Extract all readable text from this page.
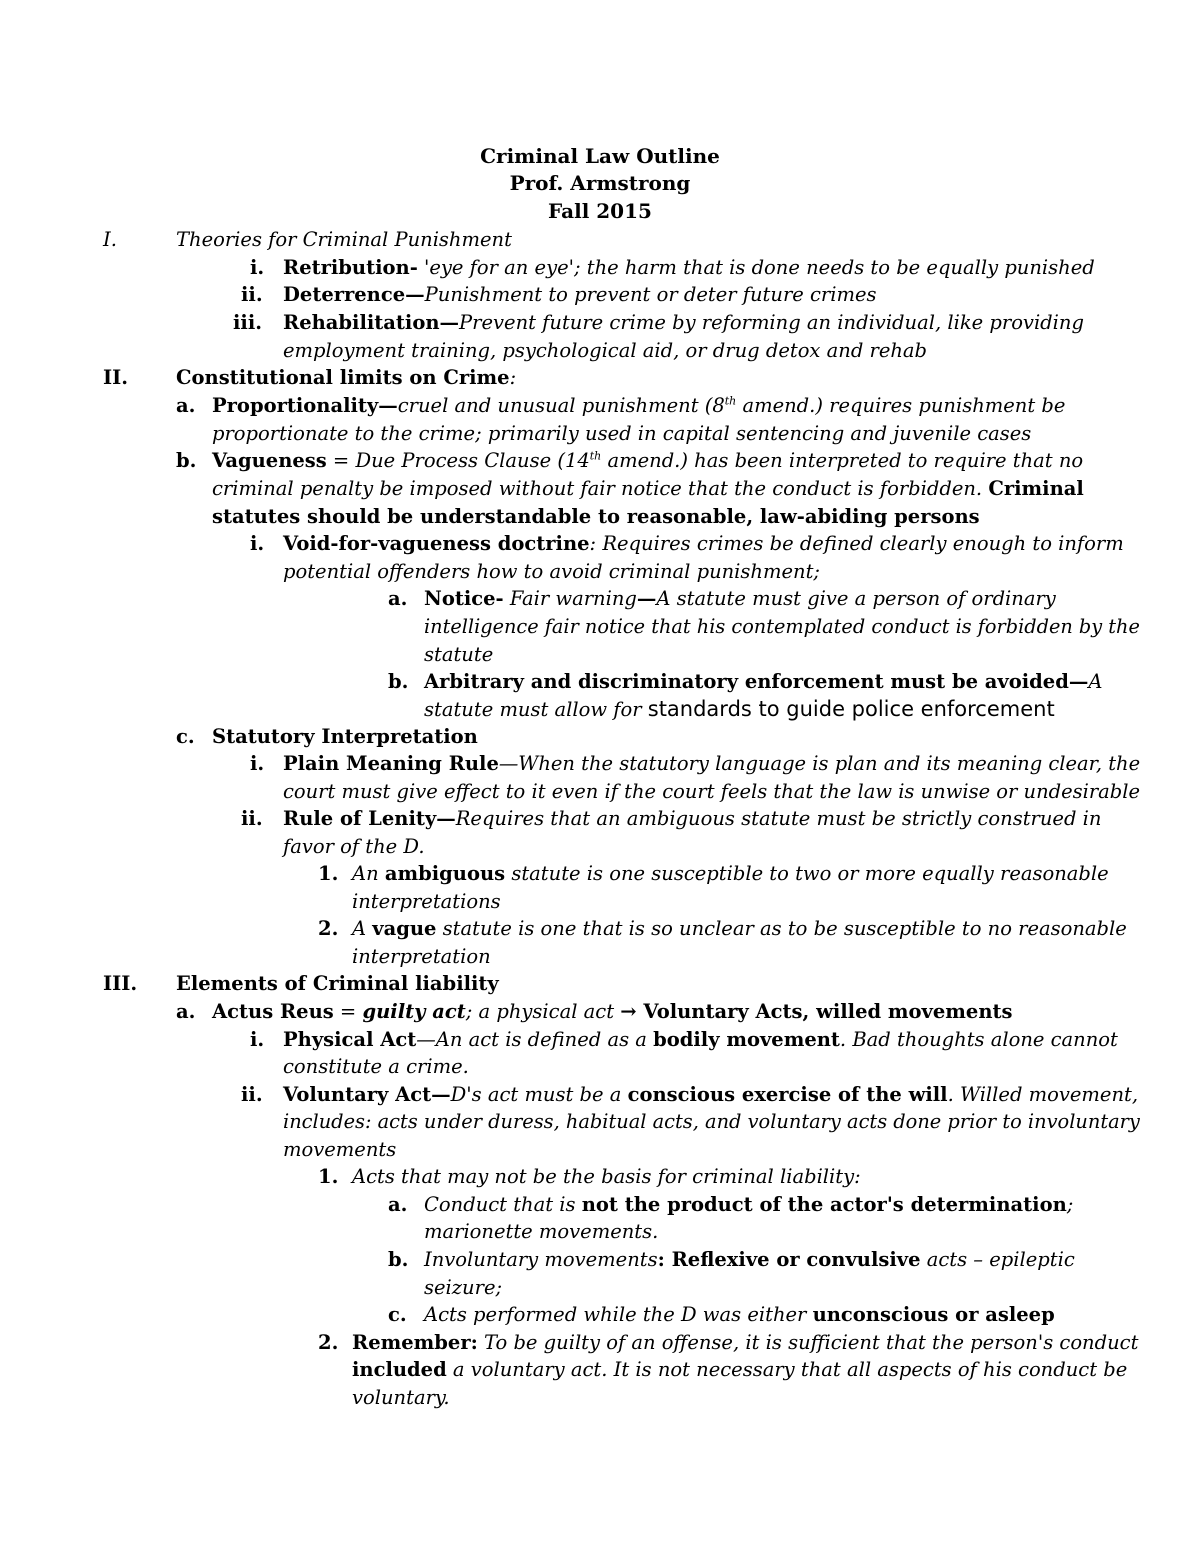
Criminal Law Outline
Prof. Armstrong
Fall 2015
I.	Theories for Criminal Punishment
i. Retribution- 'eye for an eye'; the harm that is done needs to be equally punished
ii. Deterrence—Punishment to prevent or deter future crimes
iii. Rehabilitation—Prevent future crime by reforming an individual, like providing
employment training, psychological aid, or drug detox and rehab
II. Constitutional limits on Crime:
a. Proportionality—cruel and unusual punishment (8th amend.) requires punishment be
proportionate to the crime; primarily used in capital sentencing and juvenile cases
b. Vagueness = Due Process Clause (14th amend.) has been interpreted to require that no
criminal penalty be imposed without fair notice that the conduct is forbidden. Criminal
statutes should be understandable to reasonable, law-abiding persons
i. Void-for-vagueness doctrine: Requires crimes be defined clearly enough to inform
potential offenders how to avoid criminal punishment;
a. Notice- Fair warning—A statute must give a person of ordinary
intelligence fair notice that his contemplated conduct is forbidden by the
statute
b. Arbitrary and discriminatory enforcement must be avoided—A
statute must allow for standards to guide police enforcement
c. Statutory Interpretation
i. Plain Meaning Rule—When the statutory language is plan and its meaning clear, the
court must give effect to it even if the court feels that the law is unwise or undesirable
ii. Rule of Lenity—Requires that an ambiguous statute must be strictly construed in
favor of the D.
1. An ambiguous statute is one susceptible to two or more equally reasonable
interpretations
2. A vague statute is one that is so unclear as to be susceptible to no reasonable
interpretation
III. Elements of Criminal liability
a. Actus Reus = guilty act; a physical act → Voluntary Acts, willed movements
i. Physical Act—An act is defined as a bodily movement. Bad thoughts alone cannot
constitute a crime.
ii. Voluntary Act—D's act must be a conscious exercise of the will. Willed movement,
includes: acts under duress, habitual acts, and voluntary acts done prior to involuntary
movements
1. Acts that may not be the basis for criminal liability:
a. Conduct that is not the product of the actor's determination;
marionette movements.
b. Involuntary movements: Reflexive or convulsive acts – epileptic
seizure;
c. Acts performed while the D was either unconscious or asleep
2. Remember: To be guilty of an offense, it is sufficient that the person's conduct
included a voluntary act. It is not necessary that all aspects of his conduct be
voluntary.
